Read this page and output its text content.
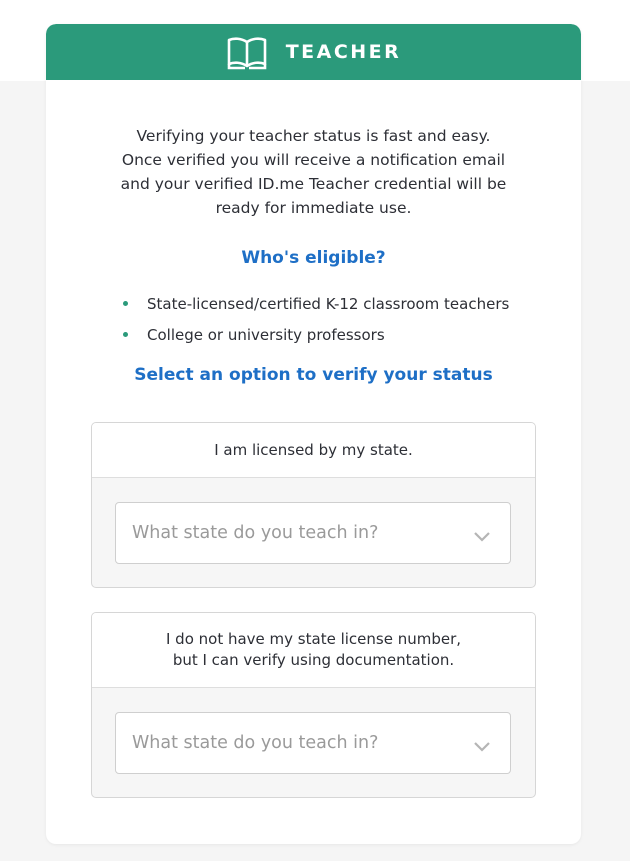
TEACHER
Verifying your teacher status is fast and easy.
Once verified you will receive a notification email
and your verified ID.me Teacher credential will be
ready for immediate use.
Who's eligible?
State-licensed/certified K-12 classroom teachers
College or university professors
Select an option to verify your status
I am licensed by my state.
What state do you teach in?
I do not have my state license number,
but I can verify using documentation.
What state do you teach in?
